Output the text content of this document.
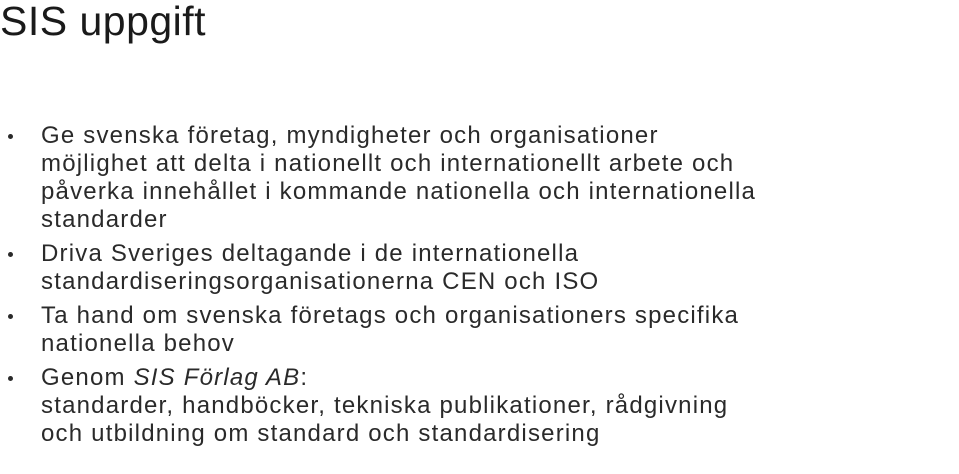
SIS uppgift
Ge svenska företag, myndigheter och organisationer
möjlighet att delta i nationellt och internationellt arbete och
påverka innehållet i kommande nationella och internationella
standarder
Driva Sveriges deltagande i de internationella
standardiseringsorganisationerna CEN och ISO
Ta hand om svenska företags och organisationers specifika
nationella behov
Genom SIS Förlag AB:
standarder, handböcker, tekniska publikationer, rådgivning
och utbildning om standard och standardisering
